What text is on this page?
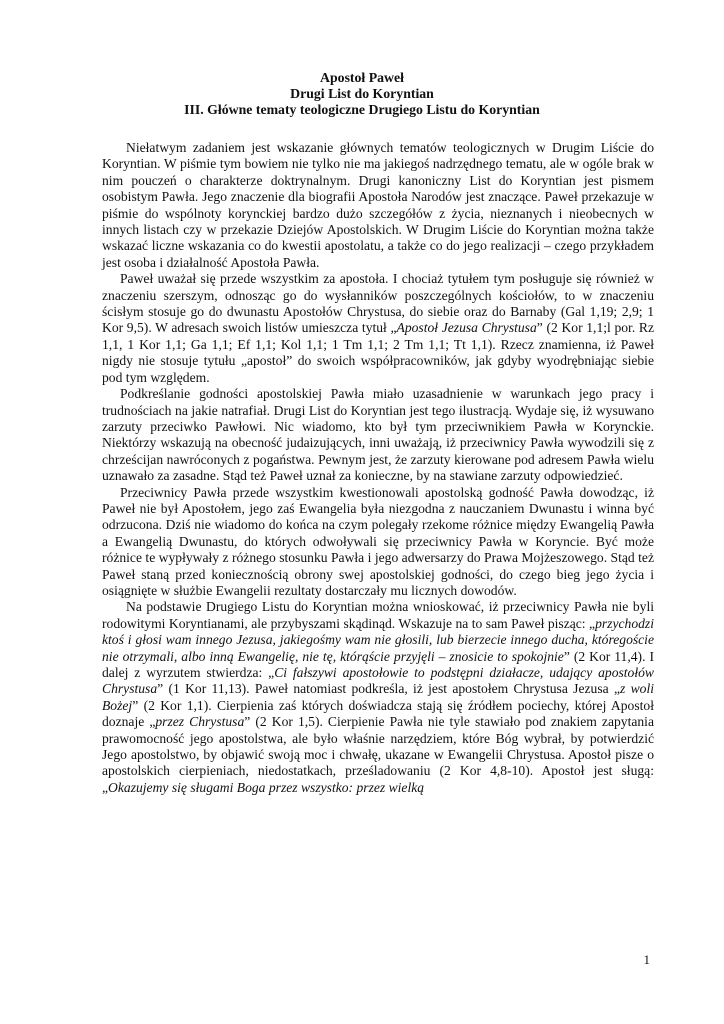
Apostoł Paweł
Drugi List do Koryntian
III. Główne tematy teologiczne Drugiego Listu do Koryntian

Niełatwym zadaniem jest wskazanie głównych tematów teologicznych w Drugim Liście do Koryntian. W piśmie tym bowiem nie tylko nie ma jakiegoś nadrzędnego tematu, ale w ogóle brak w nim pouczeń o charakterze doktrynalnym. Drugi kanoniczny List do Koryntian jest pismem osobistym Pawła. Jego znaczenie dla biografii Apostoła Narodów jest znaczące. Paweł przekazuje w piśmie do wspólnoty korynckiej bardzo dużo szczegółów z życia, nieznanych i nieobecnych w innych listach czy w przekazie Dziejów Apostolskich. W Drugim Liście do Koryntian można także wskazać liczne wskazania co do kwestii apostolatu, a także co do jego realizacji – czego przykładem jest osoba i działalność Apostoła Pawła.

Paweł uważał się przede wszystkim za apostoła. I chociaż tytułem tym posługuje się również w znaczeniu szerszym, odnosząc go do wysłanników poszczególnych kościołów, to w znaczeniu ścisłym stosuje go do dwunastu Apostołów Chrystusa, do siebie oraz do Barnaby (Gal 1,19; 2,9; 1 Kor 9,5). W adresach swoich listów umieszcza tytuł „Apostoł Jezusa Chrystusa” (2 Kor 1,1;l por. Rz 1,1, 1 Kor 1,1; Ga 1,1; Ef 1,1; Kol 1,1; 1 Tm 1,1; 2 Tm 1,1; Tt 1,1). Rzecz znamienna, iż Paweł nigdy nie stosuje tytułu „apostoł” do swoich współpracowników, jak gdyby wyodrębniając siebie pod tym względem.

Podkreślanie godności apostolskiej Pawła miało uzasadnienie w warunkach jego pracy i trudnościach na jakie natrafiał. Drugi List do Koryntian jest tego ilustracją. Wydaje się, iż wysuwano zarzuty przeciwko Pawłowi. Nic wiadomo, kto był tym przeciwnikiem Pawła w Korynckie. Niektórzy wskazują na obecność judaizujących, inni uważają, iż przeciwnicy Pawła wywodzili się z chrześcijan nawróconych z pogaństwa. Pewnym jest, że zarzuty kierowane pod adresem Pawła wielu uznawało za zasadne. Stąd też Paweł uznał za konieczne, by na stawiane zarzuty odpowiedzieć.

Przeciwnicy Pawła przede wszystkim kwestionowali apostolską godność Pawła dowodząc, iż Paweł nie był Apostołem, jego zaś Ewangelia była niezgodna z nauczaniem Dwunastu i winna być odrzucona. Dziś nie wiadomo do końca na czym polegały rzekome różnice między Ewangelią Pawła a Ewangelią Dwunastu, do których odwoływali się przeciwnicy Pawła w Koryncie. Być może różnice te wypływały z różnego stosunku Pawła i jego adwersarzy do Prawa Mojżeszowego. Stąd też Paweł staną przed koniecznością obrony swej apostolskiej godności, do czego bieg jego życia i osiągnięte w służbie Ewangelii rezultaty dostarczały mu licznych dowodów.

Na podstawie Drugiego Listu do Koryntian można wnioskować, iż przeciwnicy Pawła nie byli rodowitymi Koryntianami, ale przybyszami skądinąd. Wskazuje na to sam Paweł pisząc: „przychodzi ktoś i głosi wam innego Jezusa, jakiegośmy wam nie głosili, lub bierzecie innego ducha, któregoście nie otrzymali, albo inną Ewangelię, nie tę, którąście przyjęli – znosicie to spokojnie” (2 Kor 11,4). I dalej z wyrzutem stwierdza: „Ci fałszywi apostołowie to podstępni działacze, udający apostołów Chrystusa” (1 Kor 11,13). Paweł natomiast podkreśla, iż jest apostołem Chrystusa Jezusa „z woli Bożej” (2 Kor 1,1). Cierpienia zaś których doświadcza stają się źródłem pociechy, której Apostoł doznaje „przez Chrystusa” (2 Kor 1,5). Cierpienie Pawła nie tyle stawiało pod znakiem zapytania prawomocność jego apostolstwa, ale było właśnie narzędziem, które Bóg wybrał, by potwierdzić Jego apostolstwo, by objawić swoją moc i chwałę, ukazane w Ewangelii Chrystusa. Apostoł pisze o apostolskich cierpieniach, niedostatkach, prześladowaniu (2 Kor 4,8-10). Apostoł jest sługą: „Okazujemy się sługami Boga przez wszystko: przez wielką

1
